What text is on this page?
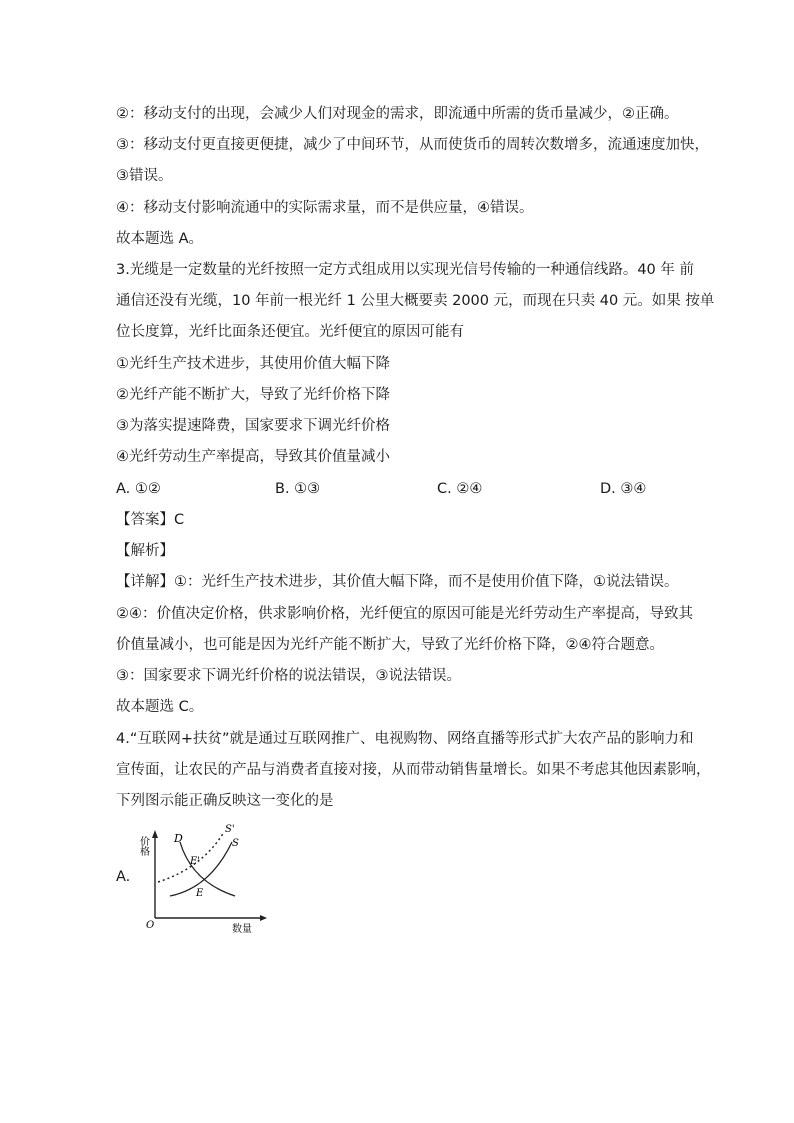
②：移动支付的出现，会减少人们对现金的需求，即流通中所需的货币量减少，②正确。
③：移动支付更直接更便捷，减少了中间环节，从而使货币的周转次数增多，流通速度加快，
③错误。
④：移动支付影响流通中的实际需求量，而不是供应量，④错误。
故本题选 A。
3.光缆是一定数量的光纤按照一定方式组成用以实现光信号传输的一种通信线路。40 年 前
通信还没有光缆，10 年前一根光纤 1 公里大概要卖 2000 元，而现在只卖 40 元。如果 按单
位长度算，光纤比面条还便宜。光纤便宜的原因可能有
①光纤生产技术进步，其使用价值大幅下降
②光纤产能不断扩大，导致了光纤价格下降
③为落实提速降费，国家要求下调光纤价格
④光纤劳动生产率提高，导致其价值量减小
A. ①②	B. ①③	C. ②④	D. ③④
【答案】C
【解析】
【详解】①：光纤生产技术进步，其价值大幅下降，而不是使用价值下降，①说法错误。
②④：价值决定价格，供求影响价格，光纤便宜的原因可能是光纤劳动生产率提高，导致其
价值量减小，也可能是因为光纤产能不断扩大，导致了光纤价格下降，②④符合题意。
③：国家要求下调光纤价格的说法错误，③说法错误。
故本题选 C。
4.“互联网+扶贫”就是通过互联网推广、电视购物、网络直播等形式扩大农产品的影响力和
宣传面，让农民的产品与消费者直接对接，从而带动销售量增长。如果不考虑其他因素影响，
下列图示能正确反映这一变化的是
A.
价格 D
S'
S
E'
E
O	数量
